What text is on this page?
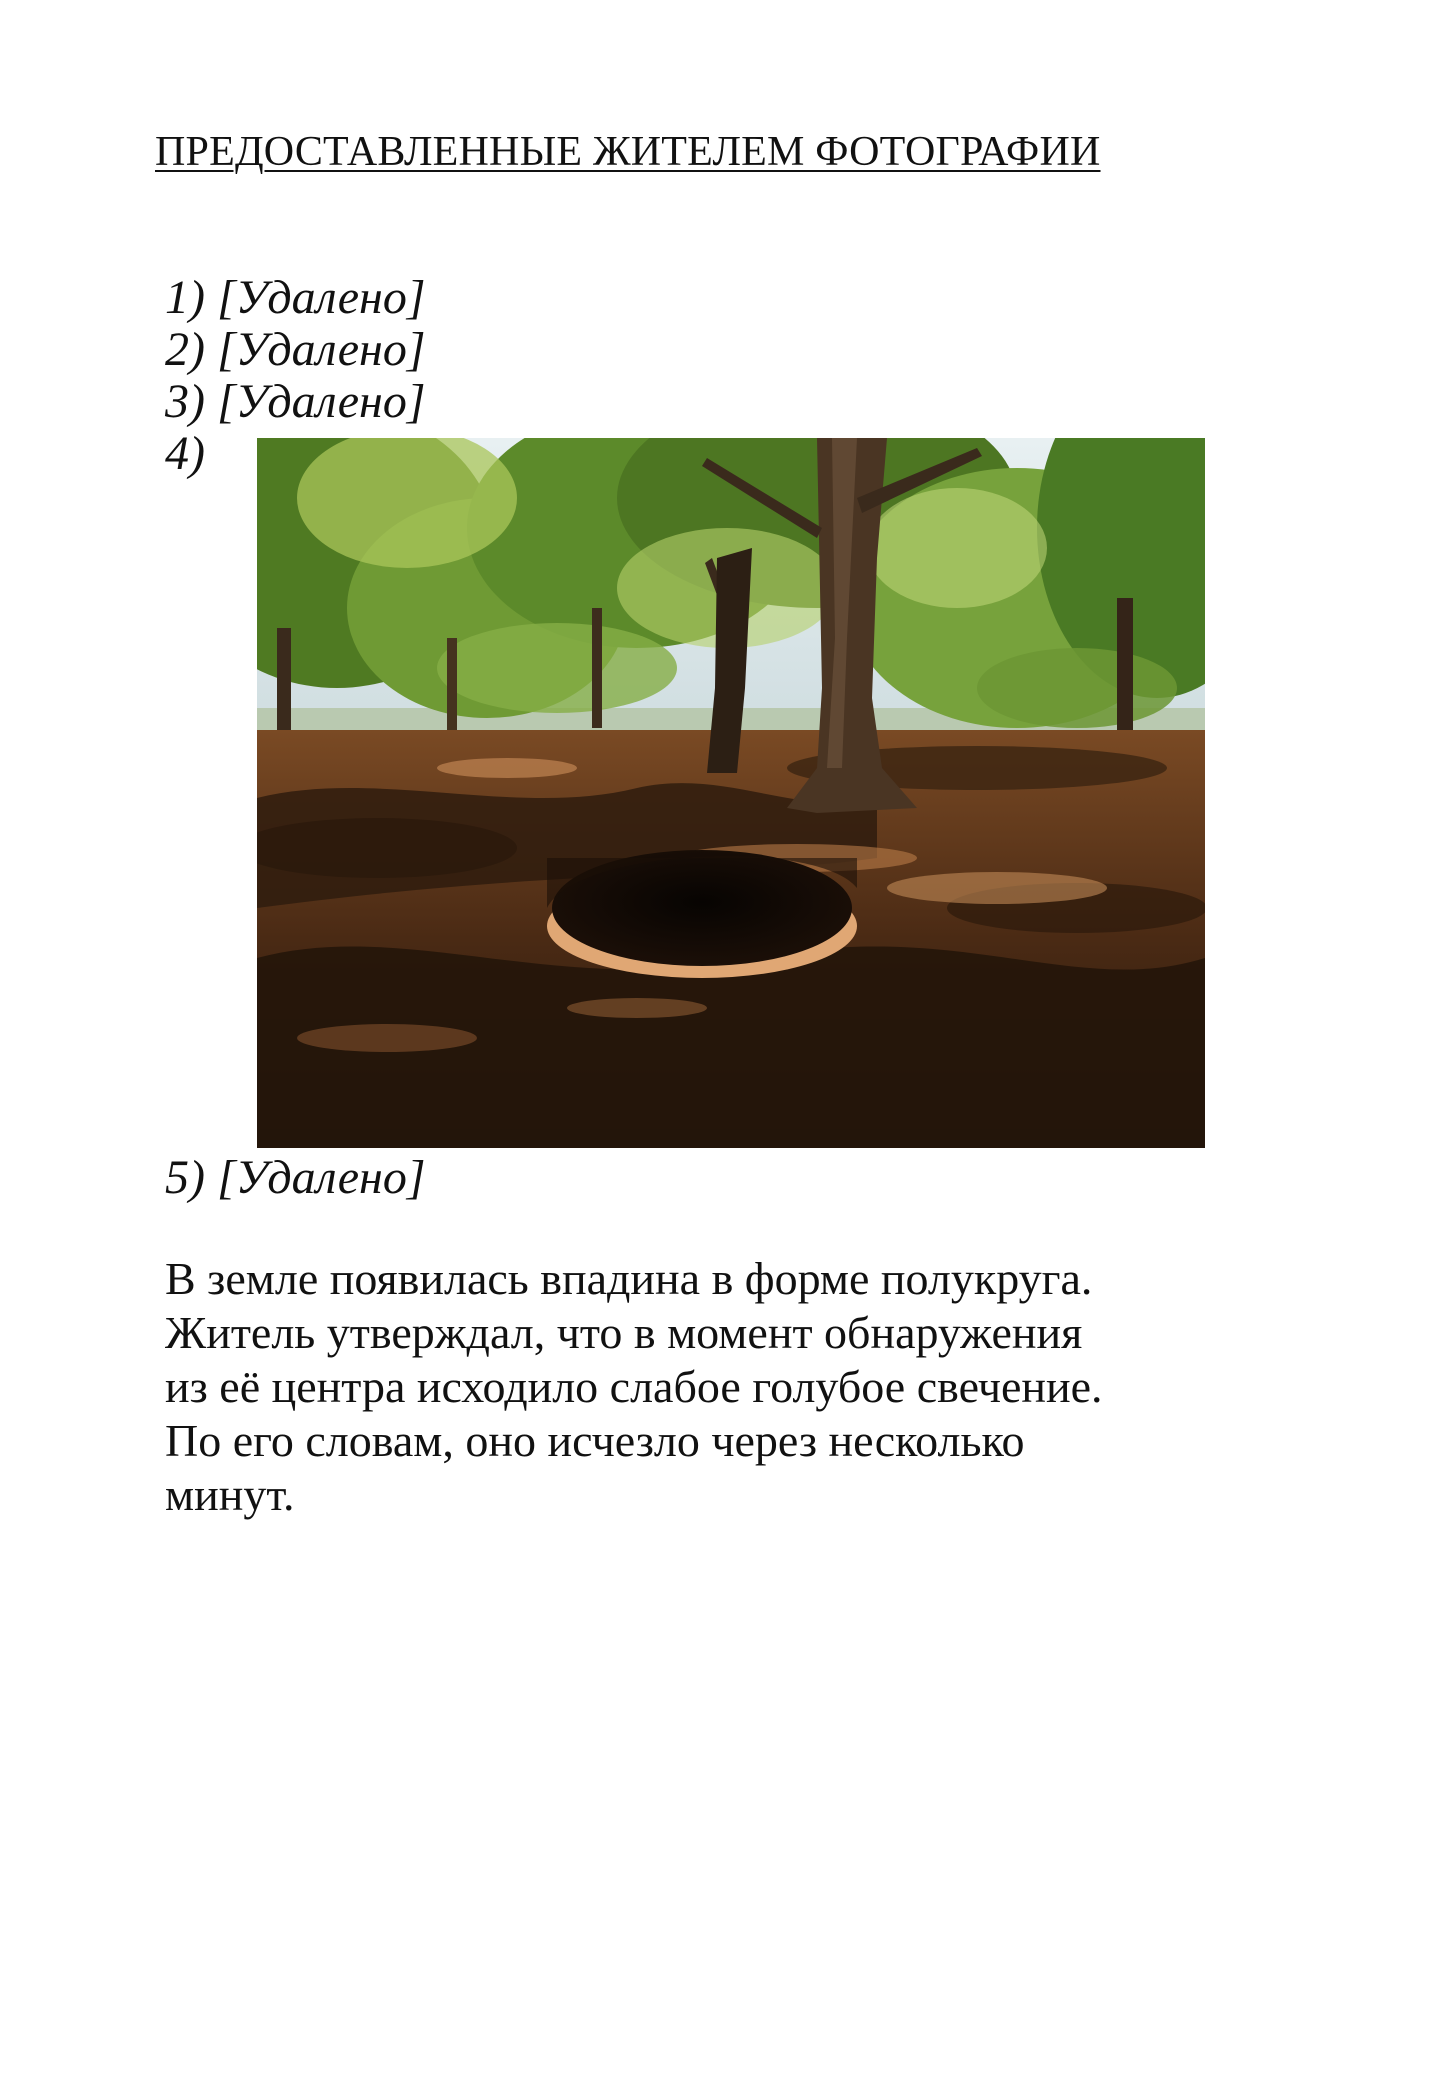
ПРЕДОСТАВЛЕННЫЕ ЖИТЕЛЕМ ФОТОГРАФИИ
1) [Удалено]
2) [Удалено]
3) [Удалено]
4)
5) [Удалено]
В земле появилась впадина в форме полукруга.
Житель утверждал, что в момент обнаружения
из её центра исходило слабое голубое свечение.
По его словам, оно исчезло через несколько
минут.
